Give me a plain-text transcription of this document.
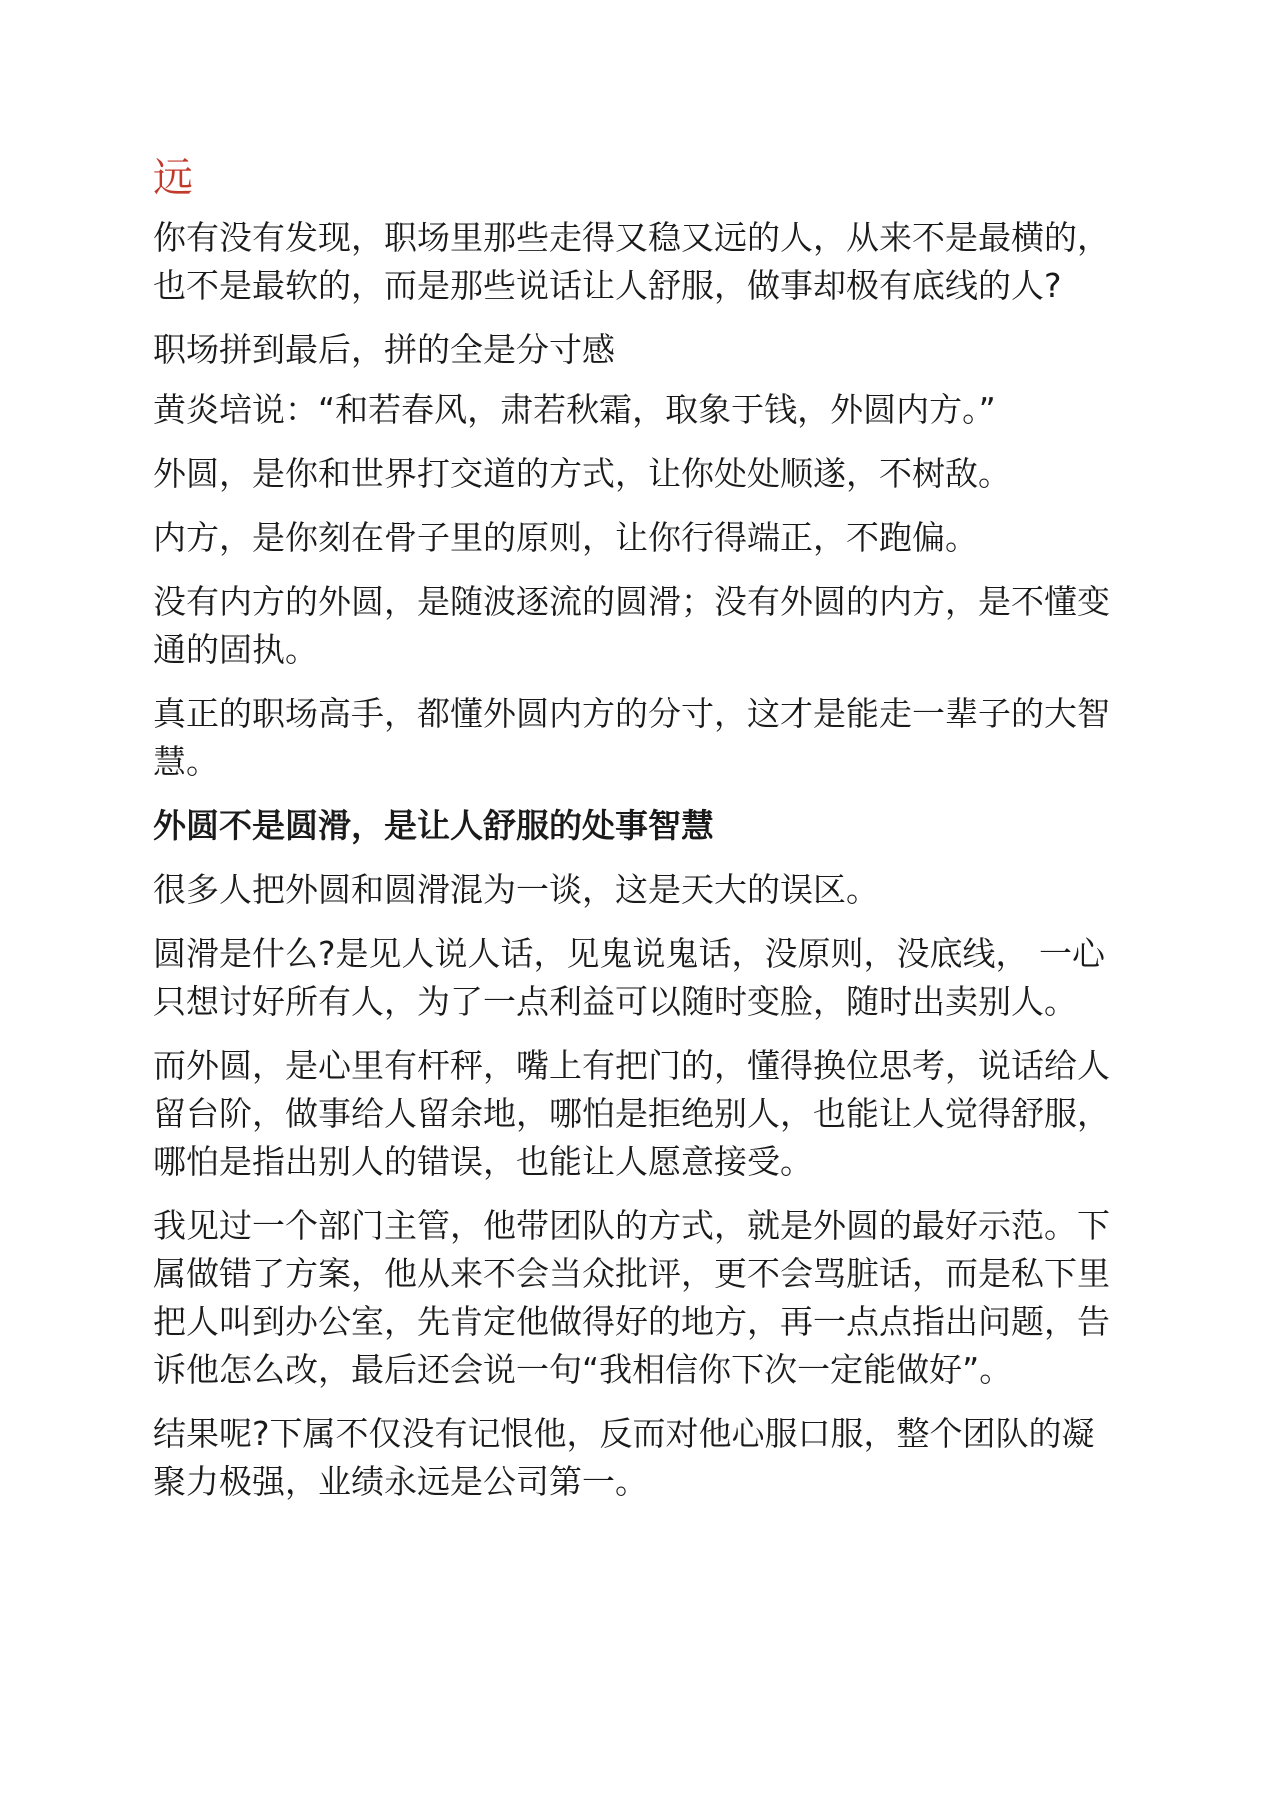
远
你有没有发现，职场里那些走得又稳又远的人，从来不是最横的，也不是最软的，而是那些说话让人舒服，做事却极有底线的人?
职场拼到最后，拼的全是分寸感
黄炎培说：“和若春风，肃若秋霜，取象于钱，外圆内方。”
外圆，是你和世界打交道的方式，让你处处顺遂，不树敌。
内方，是你刻在骨子里的原则，让你行得端正，不跑偏。
没有内方的外圆，是随波逐流的圆滑；没有外圆的内方，是不懂变通的固执。
真正的职场高手，都懂外圆内方的分寸，这才是能走一辈子的大智慧。
外圆不是圆滑，是让人舒服的处事智慧
很多人把外圆和圆滑混为一谈，这是天大的误区。
圆滑是什么?是见人说人话，见鬼说鬼话，没原则，没底线， 一心只想讨好所有人，为了一点利益可以随时变脸，随时出卖别人。
而外圆，是心里有杆秤，嘴上有把门的，懂得换位思考，说话给人留台阶，做事给人留余地，哪怕是拒绝别人，也能让人觉得舒服，哪怕是指出别人的错误，也能让人愿意接受。
我见过一个部门主管，他带团队的方式，就是外圆的最好示范。下属做错了方案，他从来不会当众批评，更不会骂脏话，而是私下里把人叫到办公室，先肯定他做得好的地方，再一点点指出问题，告诉他怎么改，最后还会说一句“我相信你下次一定能做好”。
结果呢?下属不仅没有记恨他，反而对他心服口服，整个团队的凝聚力极强，业绩永远是公司第一。
